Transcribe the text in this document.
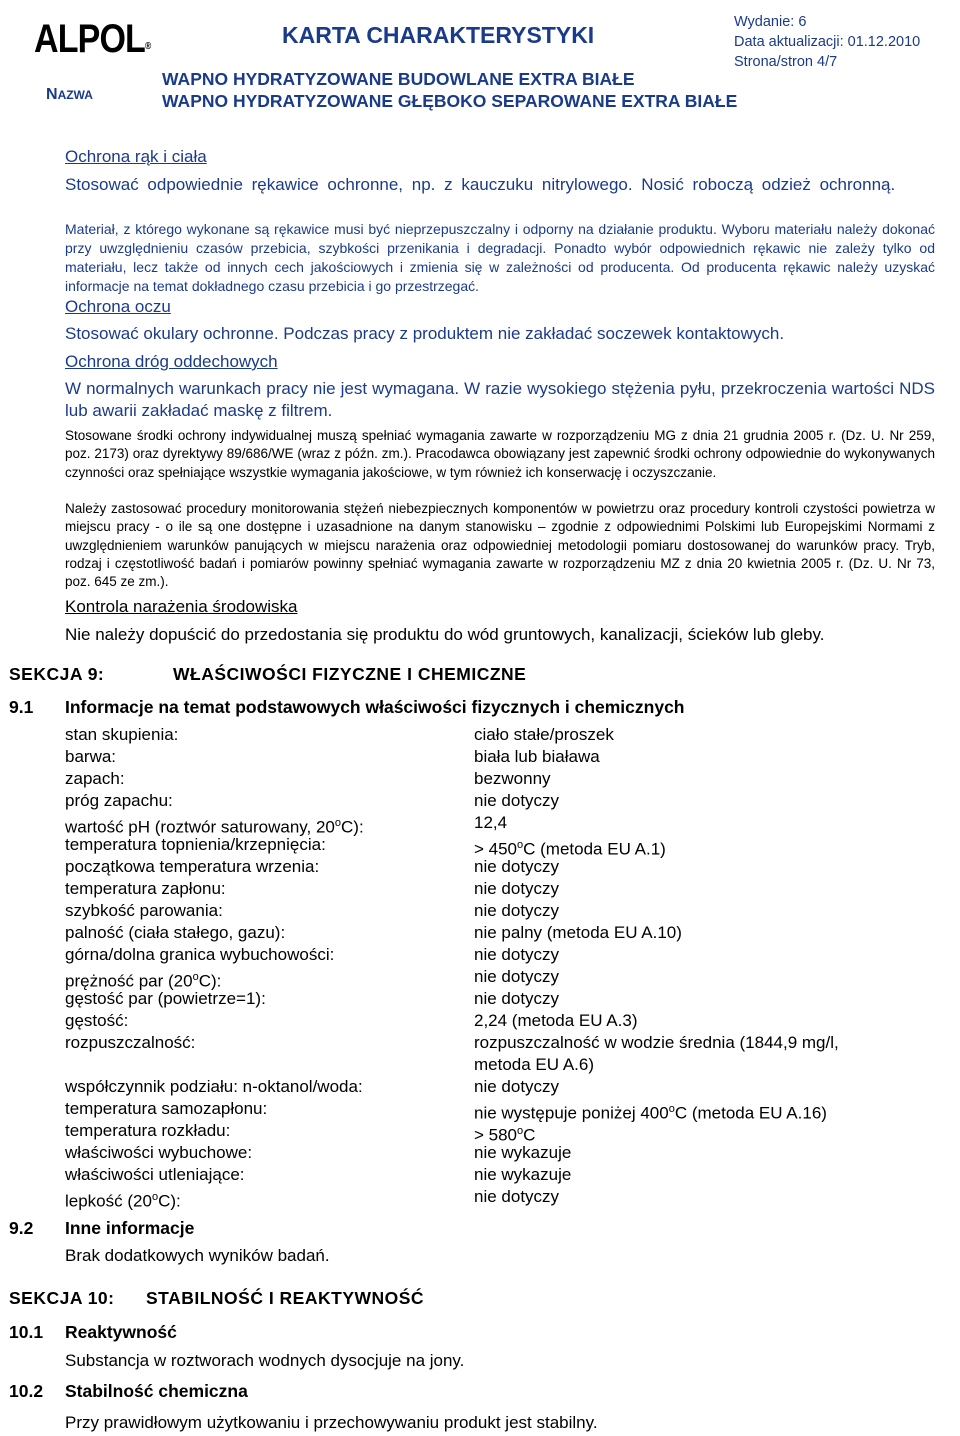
ALPOL®	KARTA CHARAKTERYSTYKI	Wydanie: 6
Data aktualizacji: 01.12.2010
Strona/stron 4/7
NAZWA
WAPNO HYDRATYZOWANE BUDOWLANE EXTRA BIAŁE
WAPNO HYDRATYZOWANE GŁĘBOKO SEPAROWANE EXTRA BIAŁE
Ochrona rąk i ciała
Stosować odpowiednie rękawice ochronne, np. z kauczuku nitrylowego. Nosić roboczą odzież ochronną.
Materiał, z którego wykonane są rękawice musi być nieprzepuszczalny i odporny na działanie produktu. Wyboru materiału należy dokonać przy uwzględnieniu czasów przebicia, szybkości przenikania i degradacji. Ponadto wybór odpowiednich rękawic nie zależy tylko od materiału, lecz także od innych cech jakościowych i zmienia się w zależności od producenta. Od producenta rękawic należy uzyskać informacje na temat dokładnego czasu przebicia i go przestrzegać.
Ochrona oczu
Stosować okulary ochronne. Podczas pracy z produktem nie zakładać soczewek kontaktowych.
Ochrona dróg oddechowych
W normalnych warunkach pracy nie jest wymagana. W razie wysokiego stężenia pyłu, przekroczenia wartości NDS lub awarii zakładać maskę z filtrem.
Stosowane środki ochrony indywidualnej muszą spełniać wymagania zawarte w rozporządzeniu MG z dnia 21 grudnia 2005 r. (Dz. U. Nr 259, poz. 2173) oraz dyrektywy 89/686/WE (wraz z późn. zm.). Pracodawca obowiązany jest zapewnić środki ochrony odpowiednie do wykonywanych czynności oraz spełniające wszystkie wymagania jakościowe, w tym również ich konserwację i oczyszczanie.
Należy zastosować procedury monitorowania stężeń niebezpiecznych komponentów w powietrzu oraz procedury kontroli czystości powietrza w miejscu pracy - o ile są one dostępne i uzasadnione na danym stanowisku – zgodnie z odpowiednimi Polskimi lub Europejskimi Normami z uwzględnieniem warunków panujących w miejscu narażenia oraz odpowiedniej metodologii pomiaru dostosowanej do warunków pracy. Tryb, rodzaj i częstotliwość badań i pomiarów powinny spełniać wymagania zawarte w rozporządzeniu MZ z dnia 20 kwietnia 2005 r. (Dz. U. Nr 73, poz. 645 ze zm.).
Kontrola narażenia środowiska
Nie należy dopuścić do przedostania się produktu do wód gruntowych, kanalizacji, ścieków lub gleby.
SEKCJA 9:	WŁAŚCIWOŚCI FIZYCZNE I CHEMICZNE
9.1 Informacje na temat podstawowych właściwości fizycznych i chemicznych
stan skupienia:	ciało stałe/proszek
barwa:	biała lub biaława
zapach:	bezwonny
próg zapachu:	nie dotyczy
wartość pH (roztwór saturowany, 20$^o$C):	12,4
temperatura topnienia/krzepnięcia:	> $450^oC$ (metoda EU A.1)
początkowa temperatura wrzenia:	nie dotyczy
temperatura zapłonu:	nie dotyczy
szybkość parowania:	nie dotyczy
palność (ciała stałego, gazu):	nie palny (metoda EU A.10)
górna/dolna granica wybuchowości:	nie dotyczy
prężność par (20$^o$C):	nie dotyczy
gęstość par (powietrze=1):	nie dotyczy
gęstość:	2,24 (metoda EU A.3)
rozpuszczalność:	rozpuszczalność w wodzie średnia (1844,9 mg/l, metoda EU A.6)
współczynnik podziału: n-oktanol/woda:	nie dotyczy
temperatura samozapłonu:	nie występuje poniżej 400$^o$C (metoda EU A.16)
temperatura rozkładu:	> $580^oC$
właściwości wybuchowe:	nie wykazuje
właściwości utleniające:	nie wykazuje
lepkość (20$^o$C):	nie dotyczy
9.2 Inne informacje
Brak dodatkowych wyników badań.
SEKCJA 10: STABILNOŚĆ I REAKTYWNOŚĆ
10.1 Reaktywność
Substancja w roztworach wodnych dysocjuje na jony.
10.2 Stabilność chemiczna
Przy prawidłowym użytkowaniu i przechowywaniu produkt jest stabilny.
